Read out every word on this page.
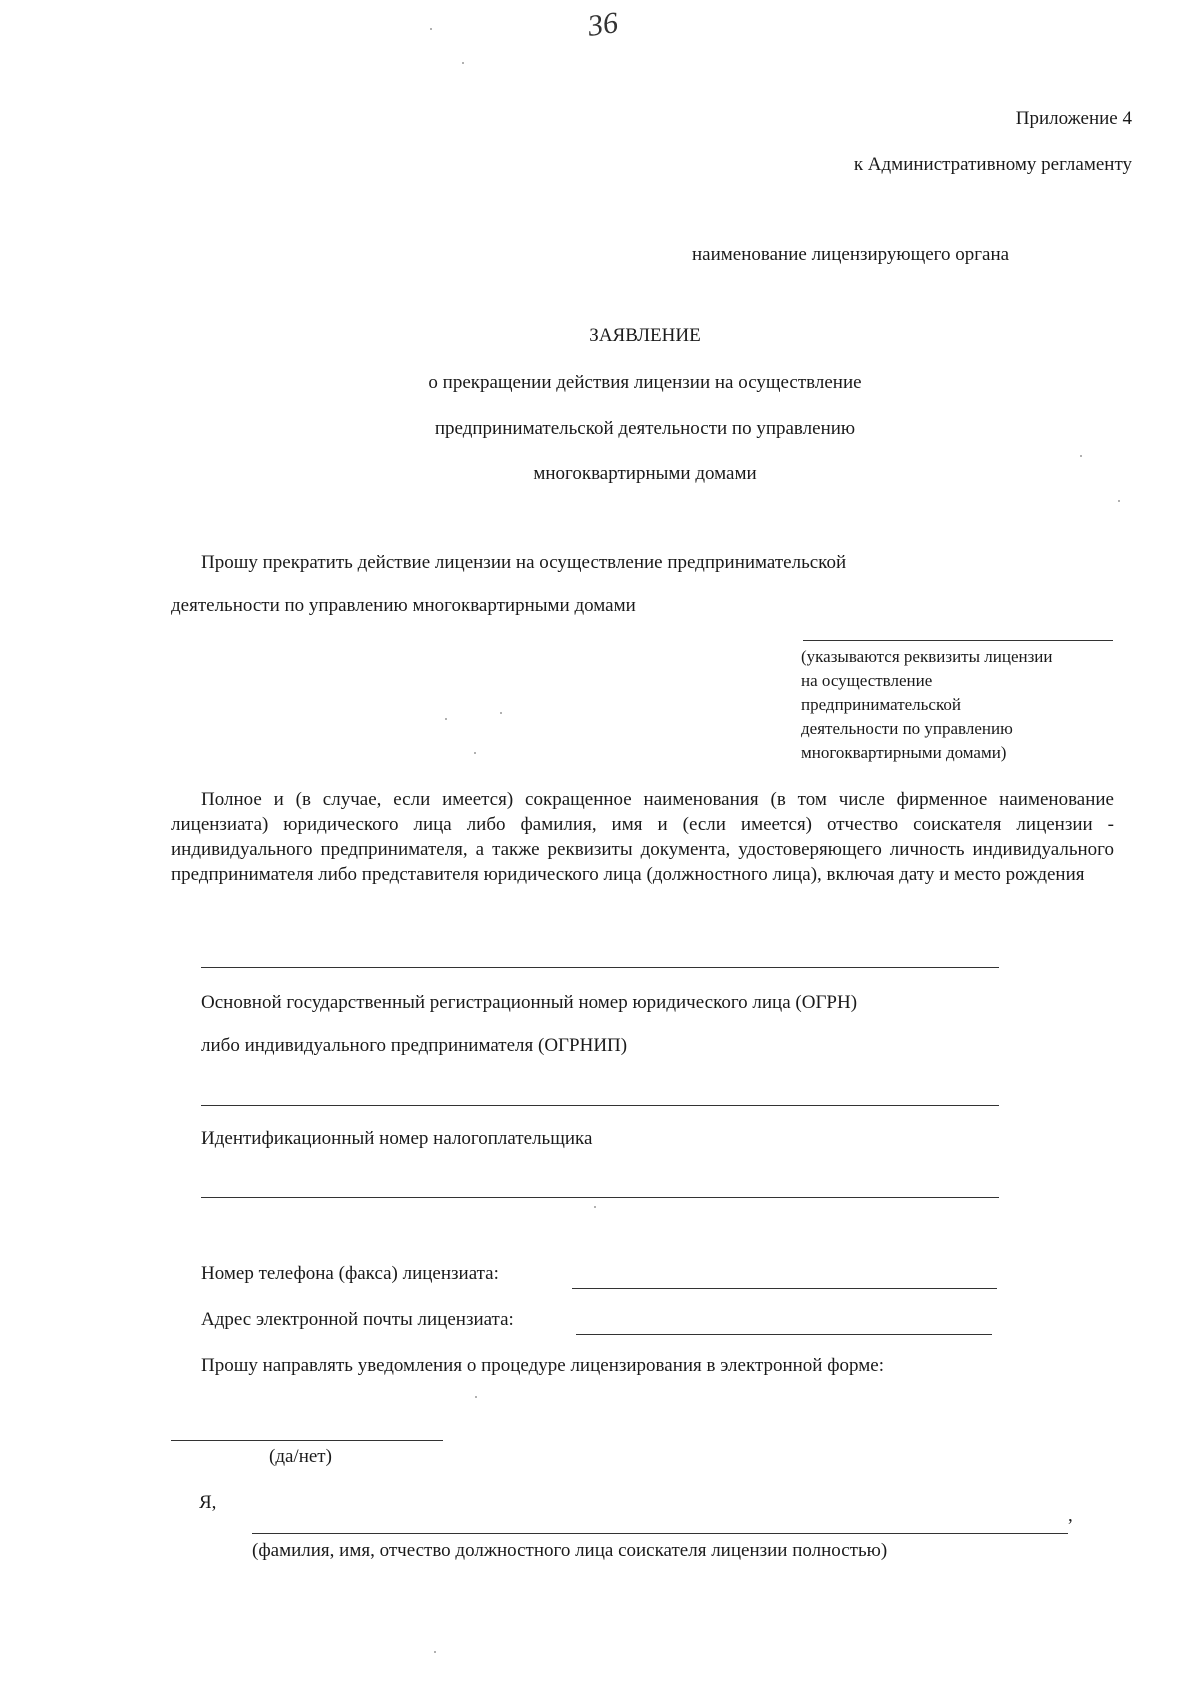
36
Приложение 4
к Административному регламенту
наименование лицензирующего органа
ЗАЯВЛЕНИЕ
о прекращении действия лицензии на осуществление
предпринимательской деятельности по управлению
многоквартирными домами
Прошу прекратить действие лицензии на осуществление предпринимательской
деятельности по управлению многоквартирными домами
(указываются реквизиты лицензии
на осуществление
предпринимательской
деятельности по управлению
многоквартирными домами)
Полное и (в случае, если имеется) сокращенное наименования (в том числе фирменное наименование лицензиата) юридического лица либо фамилия, имя и (если имеется) отчество соискателя лицензии - индивидуального предпринимателя, а также реквизиты документа, удостоверяющего личность индивидуального предпринимателя либо представителя юридического лица (должностного лица), включая дату и место рождения
Основной государственный регистрационный номер юридического лица (ОГРН)
либо индивидуального предпринимателя (ОГРНИП)
Идентификационный номер налогоплательщика
Номер телефона (факса) лицензиата:
Адрес электронной почты лицензиата:
Прошу направлять уведомления о процедуре лицензирования в электронной форме:
(да/нет)
Я,
,
(фамилия, имя, отчество должностного лица соискателя лицензии полностью)
